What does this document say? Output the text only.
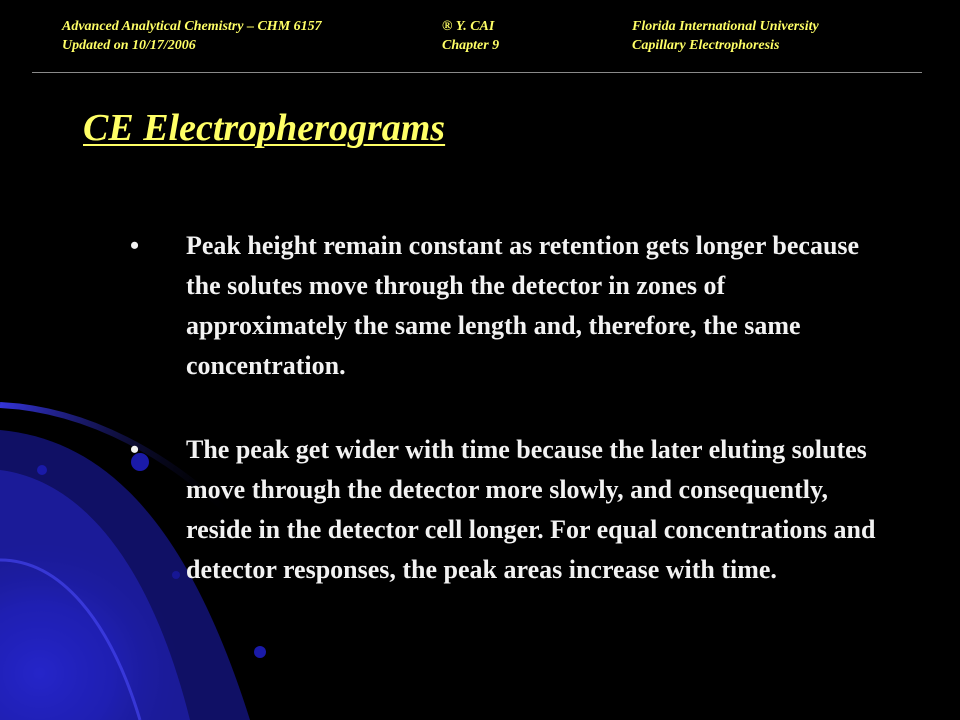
Advanced Analytical Chemistry – CHM 6157
Updated on 10/17/2006
® Y. CAI
Chapter 9
Florida International University
Capillary Electrophoresis
CE Electropherograms
• Peak height remain constant as retention gets longer because the solutes move through the detector in zones of approximately the same length and, therefore, the same concentration.
• The peak get wider with time because the later eluting solutes move through the detector more slowly, and consequently, reside in the detector cell longer. For equal concentrations and detector responses, the peak areas increase with time.
